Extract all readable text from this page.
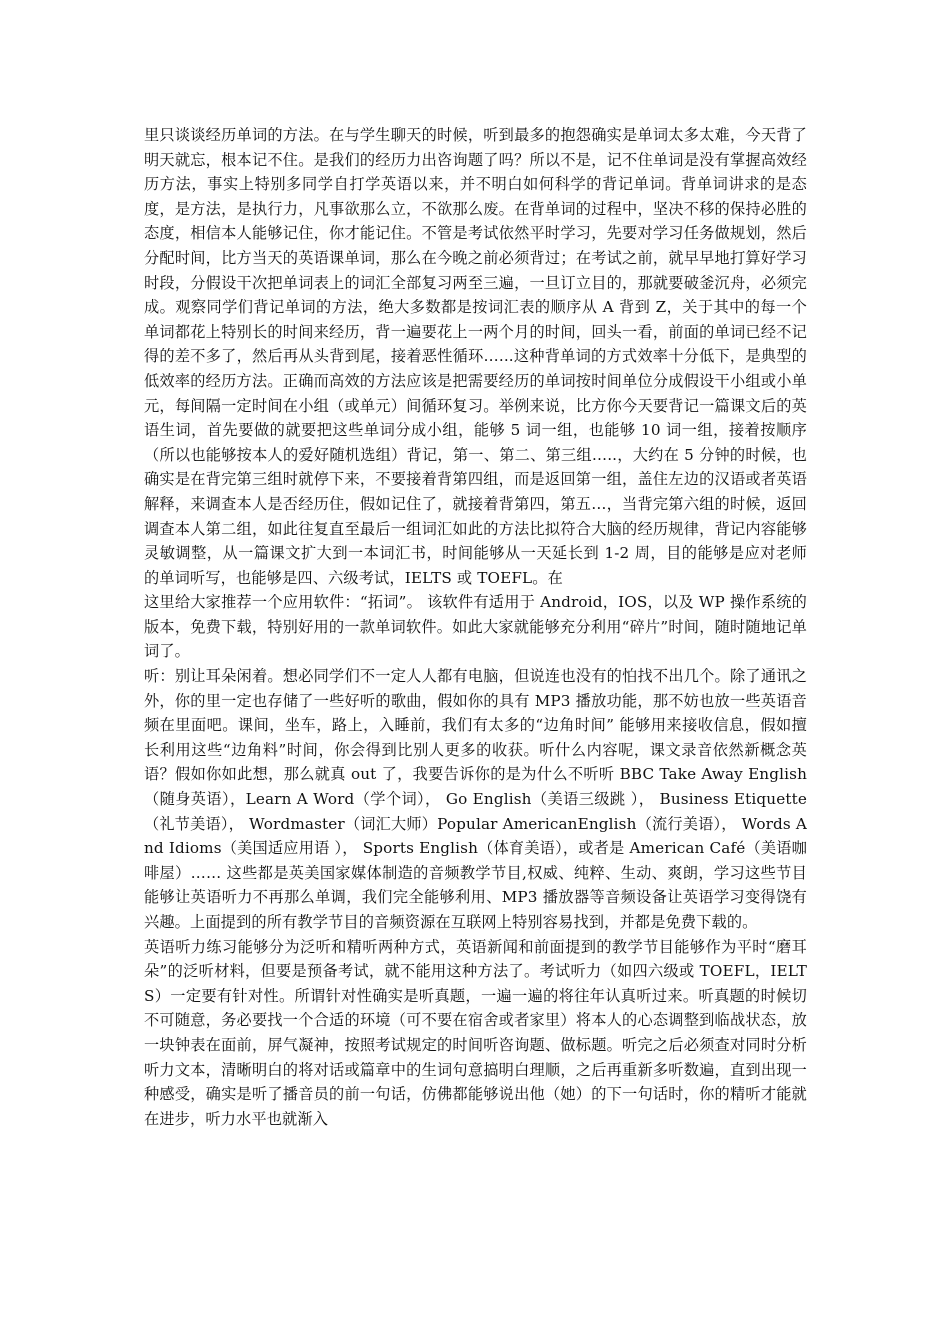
里只谈谈经历单词的方法。在与学生聊天的时候，听到最多的抱怨确实是单词太多太难，今天背了明天就忘，根本记不住。是我们的经历力出咨询题了吗？所以不是，记不住单词是没有掌握高效经历方法，事实上特别多同学自打学英语以来，并不明白如何科学的背记单词。背单词讲求的是态度，是方法，是执行力，凡事欲那么立，不欲那么废。在背单词的过程中，坚决不移的保持必胜的态度，相信本人能够记住，你才能记住。不管是考试依然平时学习，先要对学习任务做规划，然后分配时间，比方当天的英语课单词，那么在今晚之前必须背过；在考试之前，就早早地打算好学习时段，分假设干次把单词表上的词汇全部复习两至三遍，一旦订立目的，那就要破釜沉舟，必须完成。观察同学们背记单词的方法，绝大多数都是按词汇表的顺序从 A 背到 Z，关于其中的每一个单词都花上特别长的时间来经历，背一遍要花上一两个月的时间，回头一看，前面的单词已经不记得的差不多了，然后再从头背到尾，接着恶性循环…...这种背单词的方式效率十分低下，是典型的低效率的经历方法。正确而高效的方法应该是把需要经历的单词按时间单位分成假设干小组或小单元，每间隔一定时间在小组（或单元）间循环复习。举例来说，比方你今天要背记一篇课文后的英语生词，首先要做的就要把这些单词分成小组，能够 5 词一组，也能够 10 词一组，接着按顺序（所以也能够按本人的爱好随机选组）背记，第一、第二、第三组…..，大约在 5 分钟的时候，也确实是在背完第三组时就停下来，不要接着背第四组，而是返回第一组，盖住左边的汉语或者英语解释，来调查本人是否经历住，假如记住了，就接着背第四，第五…，当背完第六组的时候，返回调查本人第二组，如此往复直至最后一组词汇如此的方法比拟符合大脑的经历规律，背记内容能够灵敏调整，从一篇课文扩大到一本词汇书，时间能够从一天延长到 1-2 周，目的能够是应对老师的单词听写，也能够是四、六级考试，IELTS 或 TOEFL。在

这里给大家推荐一个应用软件：“拓词”。 该软件有适用于 Android，IOS，以及 WP 操作系统的版本，免费下载，特别好用的一款单词软件。如此大家就能够充分利用“碎片”时间，随时随地记单词了。

听：别让耳朵闲着。想必同学们不一定人人都有电脑，但说连也没有的怕找不出几个。除了通讯之外，你的里一定也存储了一些好听的歌曲，假如你的具有 MP3 播放功能，那不妨也放一些英语音频在里面吧。课间，坐车，路上，入睡前，我们有太多的“边角时间” 能够用来接收信息，假如擅长利用这些“边角料”时间，你会得到比别人更多的收获。听什么内容呢，课文录音依然新概念英语？假如你如此想，那么就真 out 了，我要告诉你的是为什么不听听 BBC Take Away English（随身英语），Learn A Word（学个词）， Go English（美语三级跳 ）， Business Etiquette（礼节美语）， Wordmaster（词汇大师）Popular AmericanEnglish（流行美语）， Words And Idioms（美国适应用语 ）， Sports English（体育美语），或者是 American Café（美语咖啡屋）…… 这些都是英美国家媒体制造的音频教学节目,权威、纯粹、生动、爽朗，学习这些节目能够让英语听力不再那么单调，我们完全能够利用、MP3 播放器等音频设备让英语学习变得饶有兴趣。上面提到的所有教学节目的音频资源在互联网上特别容易找到，并都是免费下载的。

英语听力练习能够分为泛听和精听两种方式，英语新闻和前面提到的教学节目能够作为平时“磨耳朵”的泛听材料，但要是预备考试，就不能用这种方法了。考试听力（如四六级或 TOEFL，IELTS）一定要有针对性。所谓针对性确实是听真题，一遍一遍的将往年认真听过来。听真题的时候切不可随意，务必要找一个合适的环境（可不要在宿舍或者家里）将本人的心态调整到临战状态，放一块钟表在面前，屏气凝神，按照考试规定的时间听咨询题、做标题。听完之后必须查对同时分析听力文本，清晰明白的将对话或篇章中的生词句意搞明白理顺，之后再重新多听数遍，直到出现一种感受，确实是听了播音员的前一句话，仿佛都能够说出他（她）的下一句话时，你的精听才能就在进步，听力水平也就渐入
